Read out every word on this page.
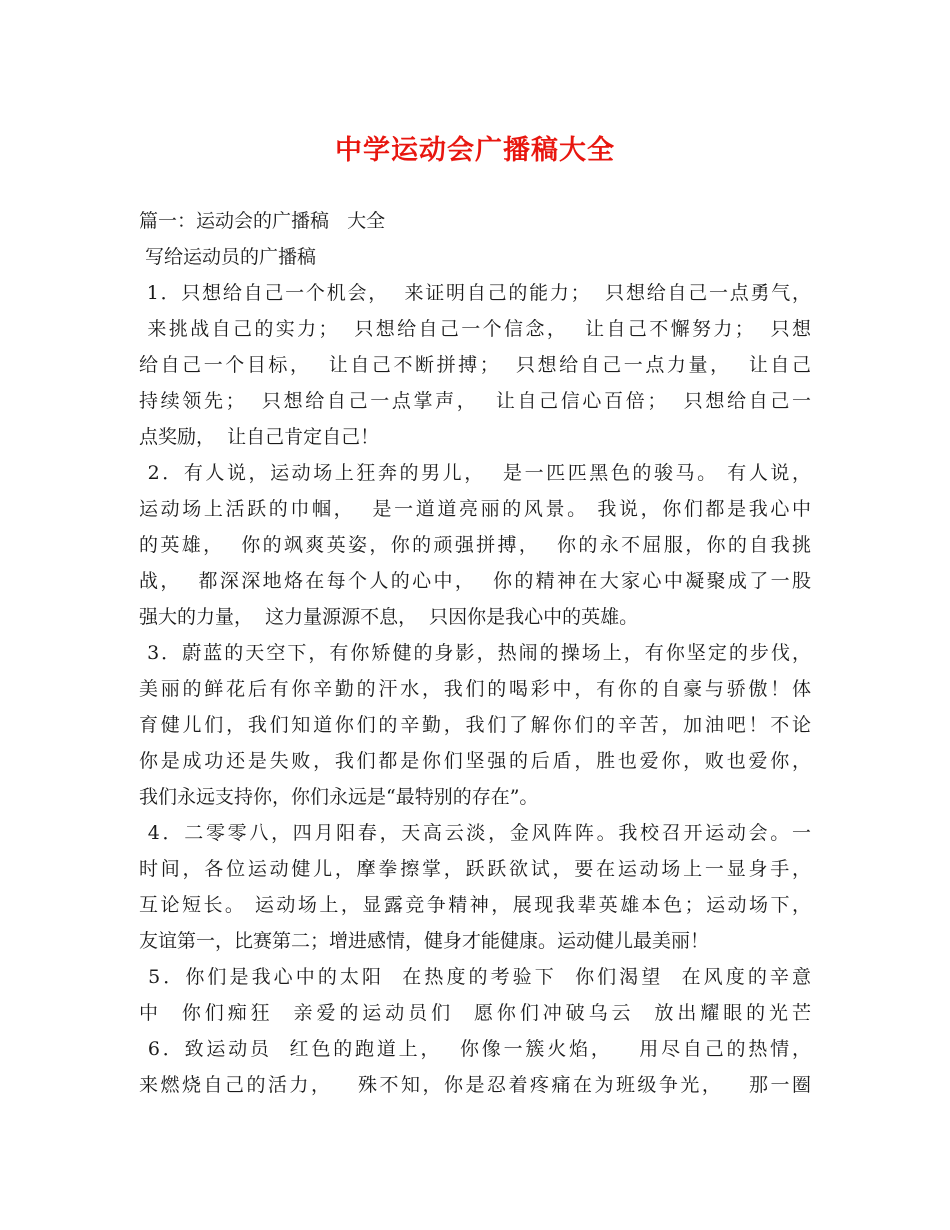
中学运动会广播稿大全
篇一：运动会的广播稿   大全
写给运动员的广播稿
1．只想给自己一个机会，  来证明自己的能力；  只想给自己一点勇气，
来挑战自己的实力；  只想给自己一个信念，  让自己不懈努力；  只想
给自己一个目标，  让自己不断拼搏；  只想给自己一点力量，  让自己
持续领先；  只想给自己一点掌声，  让自己信心百倍；  只想给自己一
点奖励，  让自己肯定自己！
2．有人说，运动场上狂奔的男儿，  是一匹匹黑色的骏马。 有人说，
运动场上活跃的巾帼，  是一道道亮丽的风景。 我说，你们都是我心中
的英雄，  你的飒爽英姿，你的顽强拼搏，  你的永不屈服，你的自我挑
战，  都深深地烙在每个人的心中，  你的精神在大家心中凝聚成了一股
强大的力量，  这力量源源不息，  只因你是我心中的英雄。
3．蔚蓝的天空下，有你矫健的身影，热闹的操场上，有你坚定的步伐，
美丽的鲜花后有你辛勤的汗水，我们的喝彩中，有你的自豪与骄傲！体
育健儿们，我们知道你们的辛勤，我们了解你们的辛苦，加油吧！不论
你是成功还是失败，我们都是你们坚强的后盾，胜也爱你，败也爱你，
我们永远支持你，你们永远是“最特别的存在”。
4．二零零八，四月阳春，天高云淡，金风阵阵。我校召开运动会。一
时间，各位运动健儿，摩拳擦掌，跃跃欲试，要在运动场上一显身手，
互论短长。 运动场上，显露竞争精神，展现我辈英雄本色；运动场下，
友谊第一，比赛第二；增进感情，健身才能健康。运动健儿最美丽！
5．你们是我心中的太阳  在热度的考验下  你们渴望  在风度的辛意
中  你们痴狂  亲爱的运动员们  愿你们冲破乌云  放出耀眼的光芒
6．致运动员  红色的跑道上，  你像一簇火焰，   用尽自己的热情，
来燃烧自己的活力，   殊不知，你是忍着疼痛在为班级争光，   那一圈
